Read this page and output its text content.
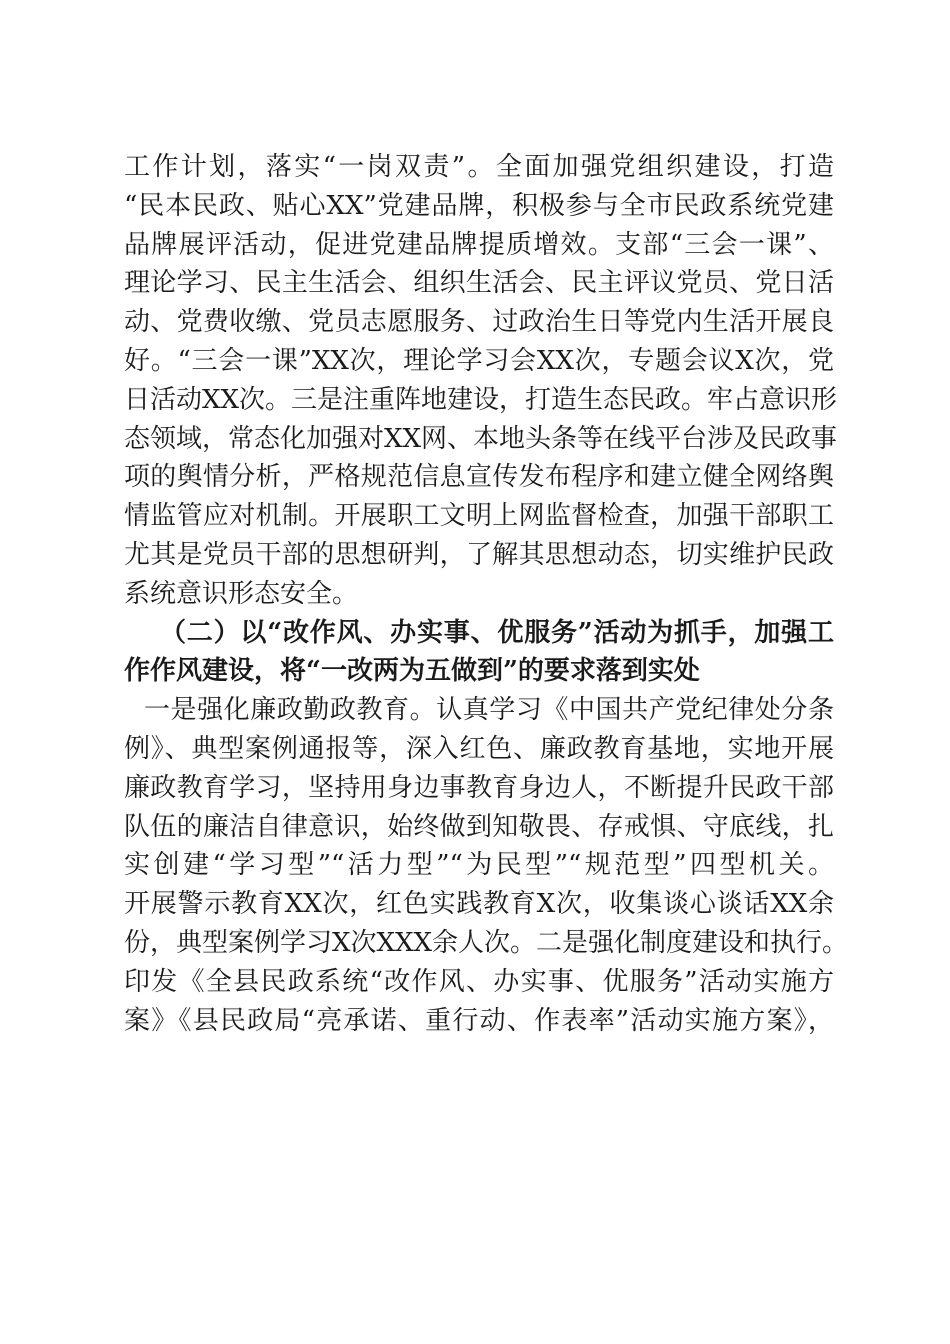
工作计划，落实“一岗双责”。全面加强党组织建设，打造
“民本民政、贴心XX”党建品牌，积极参与全市民政系统党建
品牌展评活动，促进党建品牌提质增效。支部“三会一课”、
理论学习、民主生活会、组织生活会、民主评议党员、党日活
动、党费收缴、党员志愿服务、过政治生日等党内生活开展良
好。“三会一课”XX次，理论学习会XX次，专题会议X次，党
日活动XX次。三是注重阵地建设，打造生态民政。牢占意识形
态领域，常态化加强对XX网、本地头条等在线平台涉及民政事
项的舆情分析，严格规范信息宣传发布程序和建立健全网络舆
情监管应对机制。开展职工文明上网监督检查，加强干部职工
尤其是党员干部的思想研判，了解其思想动态，切实维护民政
系统意识形态安全。
（二）以“改作风、办实事、优服务”活动为抓手，加强工
作作风建设，将“一改两为五做到”的要求落到实处
一是强化廉政勤政教育。认真学习《中国共产党纪律处分条
例》、典型案例通报等，深入红色、廉政教育基地，实地开展
廉政教育学习，坚持用身边事教育身边人，不断提升民政干部
队伍的廉洁自律意识，始终做到知敬畏、存戒惧、守底线，扎
实创建“学习型”“活力型”“为民型”“规范型”四型机关。
开展警示教育XX次，红色实践教育X次，收集谈心谈话XX余
份，典型案例学习X次XXX余人次。二是强化制度建设和执行。
印发《全县民政系统“改作风、办实事、优服务”活动实施方
案》《县民政局“亮承诺、重行动、作表率”活动实施方案》，
